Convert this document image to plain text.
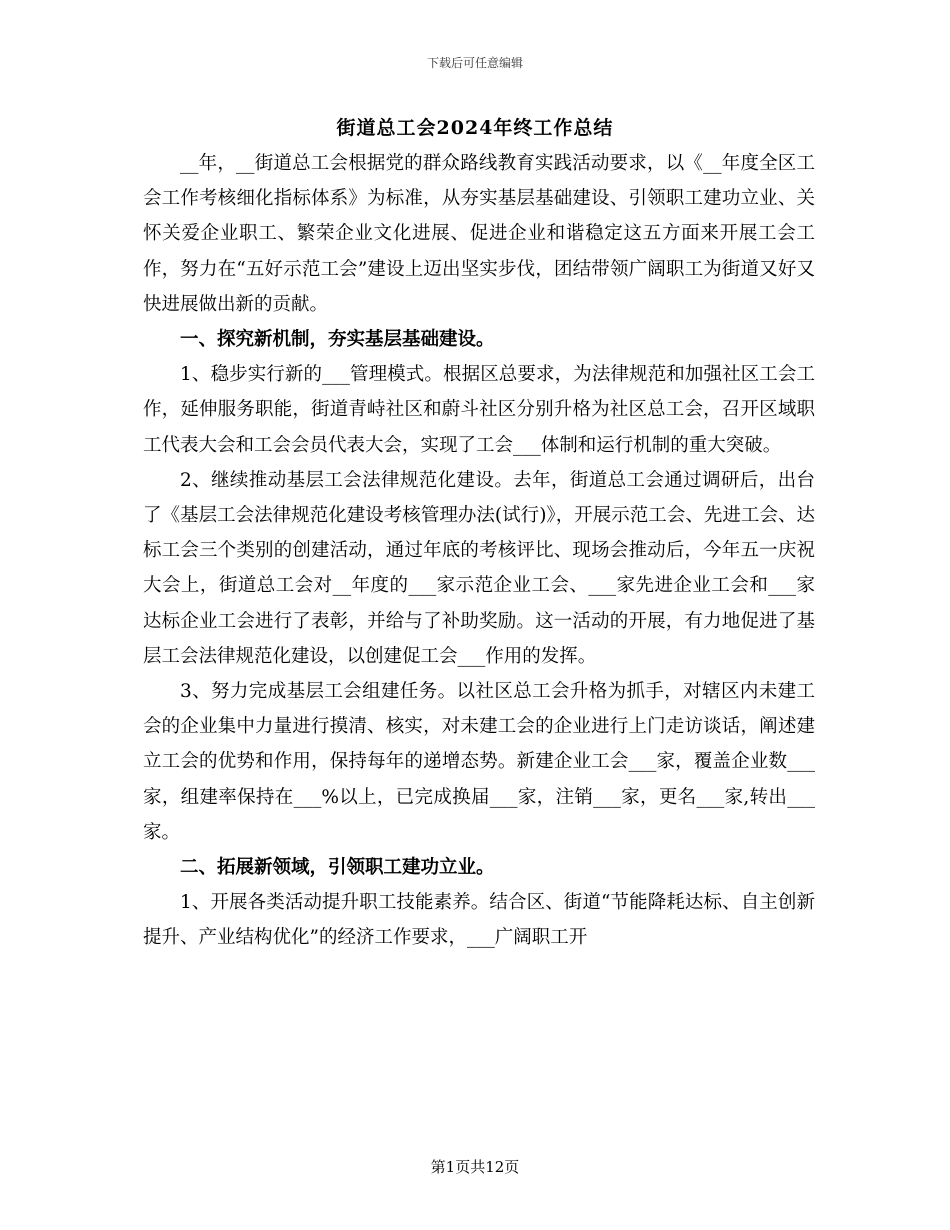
下载后可任意编辑
街道总工会2024年终工作总结

__年，__街道总工会根据党的群众路线教育实践活动要求，以《__年度全区工会工作考核细化指标体系》为标准，从夯实基层基础建设、引领职工建功立业、关怀关爱企业职工、繁荣企业文化进展、促进企业和谐稳定这五方面来开展工会工作，努力在“五好示范工会”建设上迈出坚实步伐，团结带领广阔职工为街道又好又快进展做出新的贡献。

一、探究新机制，夯实基层基础建设。

1、稳步实行新的___管理模式。根据区总要求，为法律规范和加强社区工会工作，延伸服务职能，街道青峙社区和蔚斗社区分别升格为社区总工会，召开区域职工代表大会和工会会员代表大会，实现了工会___体制和运行机制的重大突破。

2、继续推动基层工会法律规范化建设。去年，街道总工会通过调研后，出台了《基层工会法律规范化建设考核管理办法(试行)》，开展示范工会、先进工会、达标工会三个类别的创建活动，通过年底的考核评比、现场会推动后，今年五一庆祝大会上，街道总工会对__年度的___家示范企业工会、___家先进企业工会和___家达标企业工会进行了表彰，并给与了补助奖励。这一活动的开展，有力地促进了基层工会法律规范化建设，以创建促工会___作用的发挥。

3、努力完成基层工会组建任务。以社区总工会升格为抓手，对辖区内未建工会的企业集中力量进行摸清、核实，对未建工会的企业进行上门走访谈话，阐述建立工会的优势和作用，保持每年的递增态势。新建企业工会___家，覆盖企业数___家，组建率保持在___%以上，已完成换届___家，注销___家，更名___家,转出___家。

二、拓展新领域，引领职工建功立业。

1、开展各类活动提升职工技能素养。结合区、街道“节能降耗达标、自主创新提升、产业结构优化”的经济工作要求，___广阔职工开

第1页共12页
